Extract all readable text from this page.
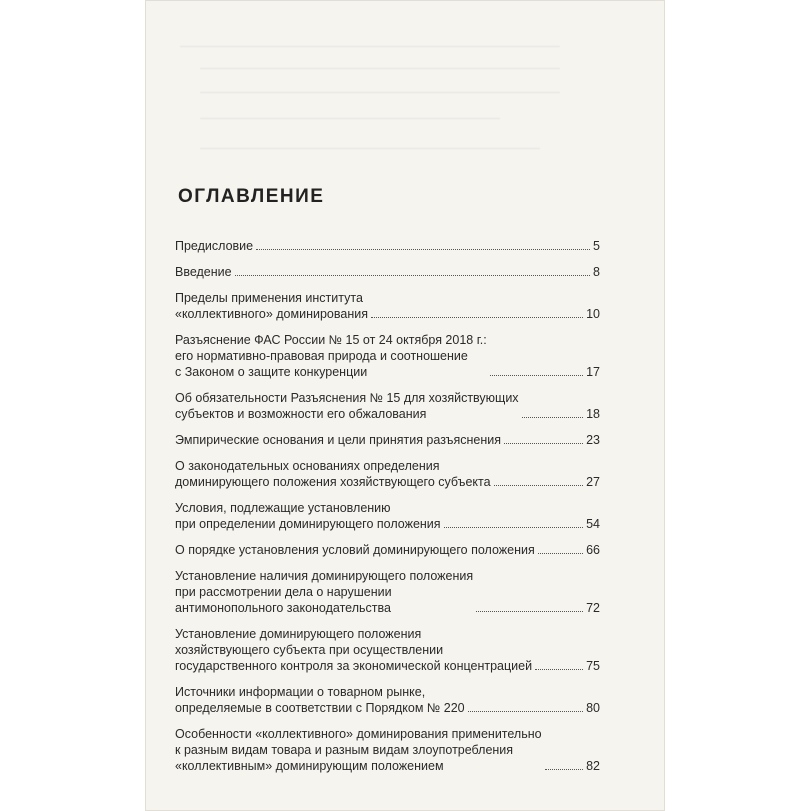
ОГЛАВЛЕНИЕ
Предисловие	5
Введение	8
Пределы применения института
«коллективного» доминирования	10
Разъяснение ФАС России № 15 от 24 октября 2018 г.:
его нормативно-правовая природа и соотношение
с Законом о защите конкуренции	17
Об обязательности Разъяснения № 15 для хозяйствующих
субъектов и возможности его обжалования	18
Эмпирические основания и цели принятия разъяснения	23
О законодательных основаниях определения
доминирующего положения хозяйствующего субъекта	27
Условия, подлежащие установлению
при определении доминирующего положения	54
О порядке установления условий доминирующего положения	66
Установление наличия доминирующего положения
при рассмотрении дела о нарушении
антимонопольного законодательства	72
Установление доминирующего положения
хозяйствующего субъекта при осуществлении
государственного контроля за экономической концентрацией	75
Источники информации о товарном рынке,
определяемые в соответствии с Порядком № 220	80
Особенности «коллективного» доминирования применительно
к разным видам товара и разным видам злоупотребления
«коллективным» доминирующим положением	82
